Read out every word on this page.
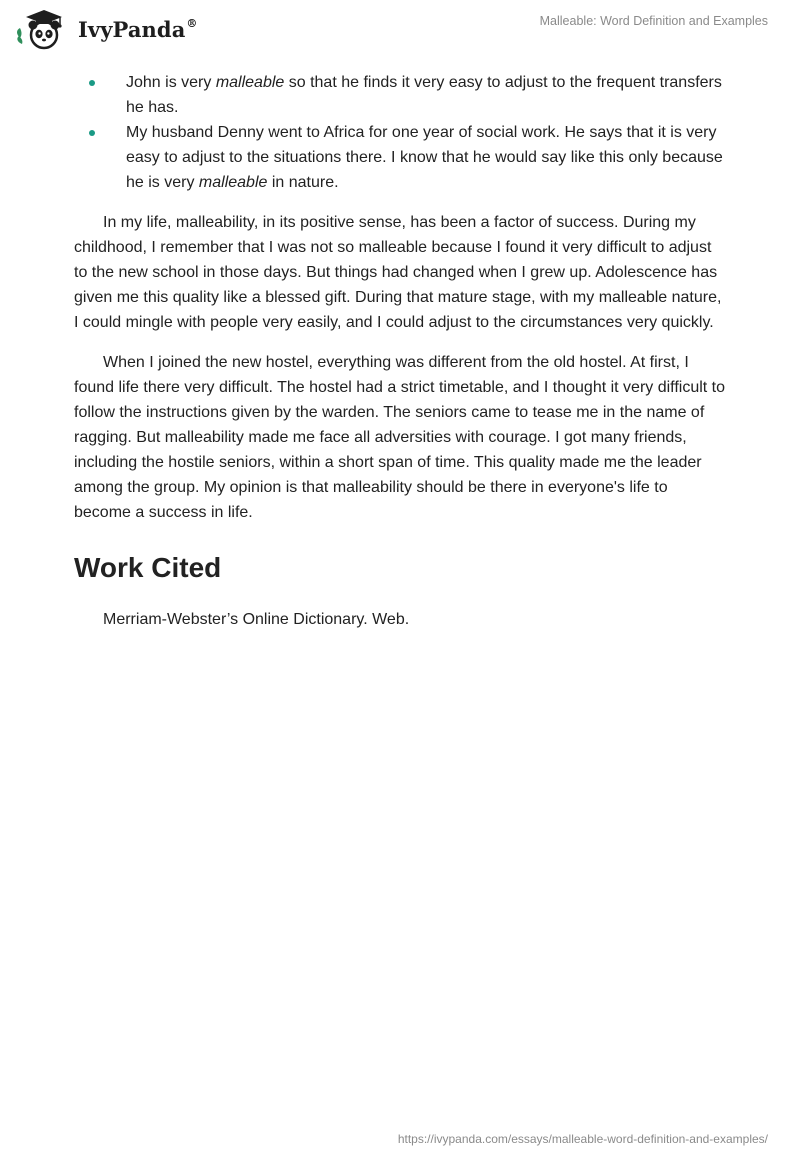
IvyPanda®	Malleable: Word Definition and Examples
John is very malleable so that he finds it very easy to adjust to the frequent transfers he has.
My husband Denny went to Africa for one year of social work. He says that it is very easy to adjust to the situations there. I know that he would say like this only because he is very malleable in nature.

In my life, malleability, in its positive sense, has been a factor of success. During my childhood, I remember that I was not so malleable because I found it very difficult to adjust to the new school in those days. But things had changed when I grew up. Adolescence has given me this quality like a blessed gift. During that mature stage, with my malleable nature, I could mingle with people very easily, and I could adjust to the circumstances very quickly.

When I joined the new hostel, everything was different from the old hostel. At first, I found life there very difficult. The hostel had a strict timetable, and I thought it very difficult to follow the instructions given by the warden. The seniors came to tease me in the name of ragging. But malleability made me face all adversities with courage. I got many friends, including the hostile seniors, within a short span of time. This quality made me the leader among the group. My opinion is that malleability should be there in everyone's life to become a success in life.

Work Cited

Merriam-Webster’s Online Dictionary. Web.

https://ivypanda.com/essays/malleable-word-definition-and-examples/
